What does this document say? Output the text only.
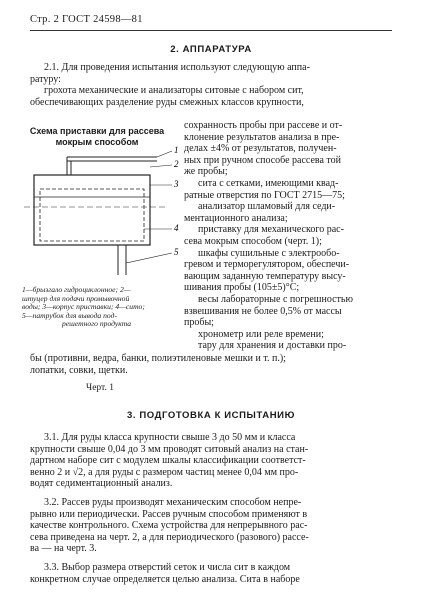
Стр. 2 ГОСТ 24598—81
2. АППАРАТУРА
2.1. Для проведения испытания используют следующую аппа-
ратуру:
грохота механические и анализаторы ситовые с набором сит,
обеспечивающих разделение руды смежных классов крупности,
Схема приставки для рассева
мокрым способом
1
2
3
4
5
1—брызгало гидроциклонное; 2—
штуцер для подачи промывочной
воды; 3—корпус приставки; 4—сито;
5—патрубок для вывода под-
решетного продукта
Черт. 1
сохранность пробы при рассеве и от-
клонение результатов анализа в пре-
делах ±4% от результатов, получен-
ных при ручном способе рассева той
же пробы;
сита с сетками, имеющими квад-
ратные отверстия по ГОСТ 2715—75;
анализатор шламовый для седи-
ментационного анализа;
приставку для механического рас-
сева мокрым способом (черт. 1);
шкафы сушильные с электрообо-
гревом и терморегулятором, обеспечи-
вающим заданную температуру высу-
шивания пробы (105±5)°С;
весы лабораторные с погрешностью
взвешивания не более 0,5% от массы
пробы;
хронометр или реле времени;
тару для хранения и доставки про-
бы (противни, ведра, банки, полиэтиленовые мешки и т. п.);
лопатки, совки, щетки.
3. ПОДГОТОВКА К ИСПЫТАНИЮ
3.1. Для руды класса крупности свыше 3 до 50 мм и класса
крупности свыше 0,04 до 3 мм проводят ситовый анализ на стан-
дартном наборе сит с модулем шкалы классификации соответст-
венно 2 и √2, а для руды с размером частиц менее 0,04 мм про-
водят седиментационный анализ.
3.2. Рассев руды производят механическим способом непре-
рывно или периодически. Рассев ручным способом применяют в
качестве контрольного. Схема устройства для непрерывного рас-
сева приведена на черт. 2, а для периодического (разового) рассе-
ва — на черт. 3.
3.3. Выбор размера отверстий сеток и числа сит в каждом
конкретном случае определяется целью анализа. Сита в наборе
